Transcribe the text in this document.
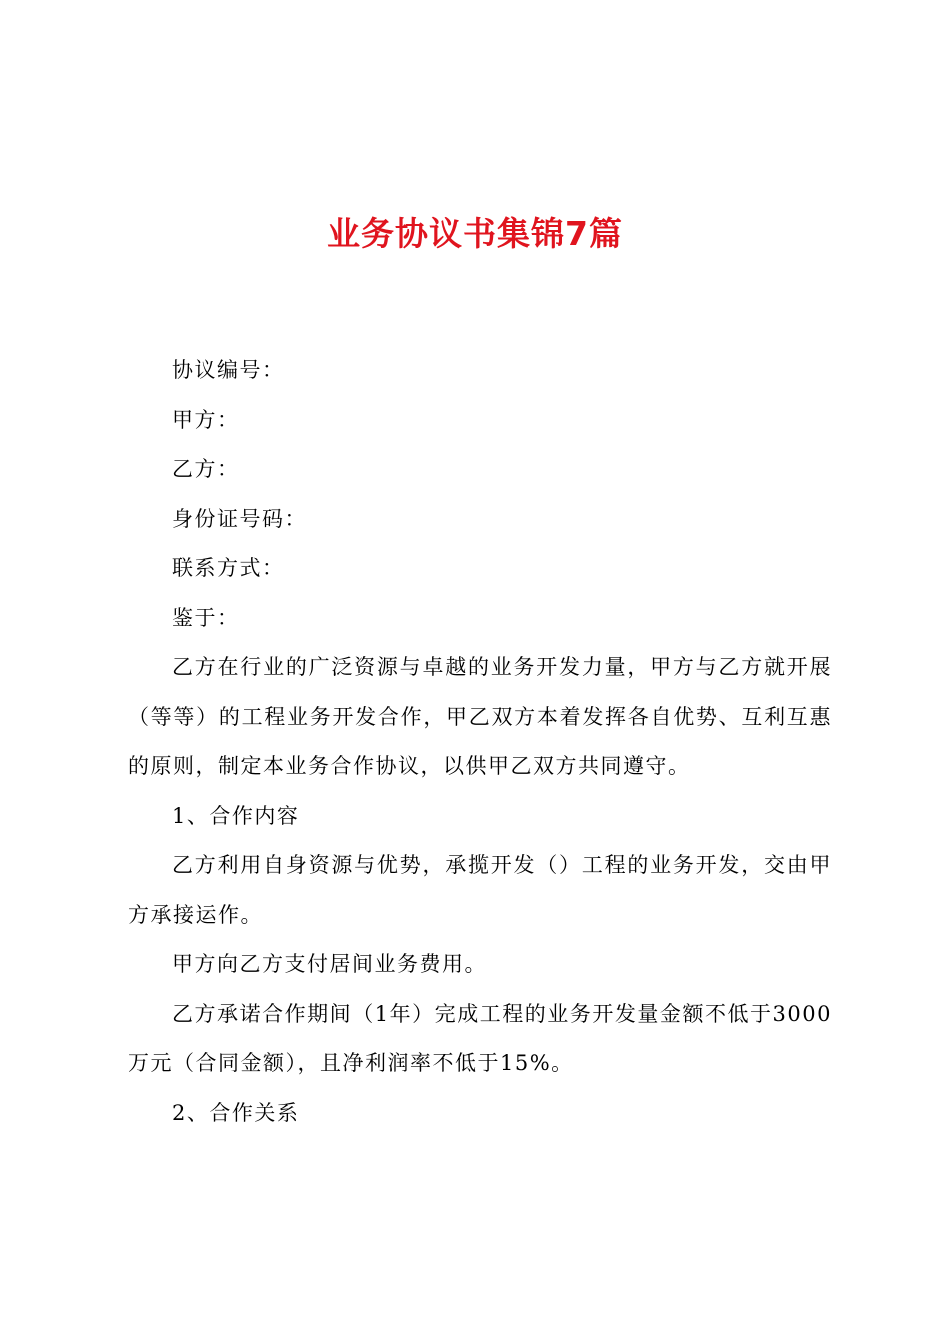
业务协议书集锦7篇

协议编号：

甲方：

乙方：

身份证号码：

联系方式：

鉴于：

乙方在行业的广泛资源与卓越的业务开发力量，甲方与乙方就开展（等等）的工程业务开发合作，甲乙双方本着发挥各自优势、互利互惠的原则，制定本业务合作协议，以供甲乙双方共同遵守。

1、合作内容

乙方利用自身资源与优势，承揽开发（）工程的业务开发，交由甲方承接运作。

甲方向乙方支付居间业务费用。

乙方承诺合作期间（1年）完成工程的业务开发量金额不低于3000万元（合同金额），且净利润率不低于15%。

2、合作关系
